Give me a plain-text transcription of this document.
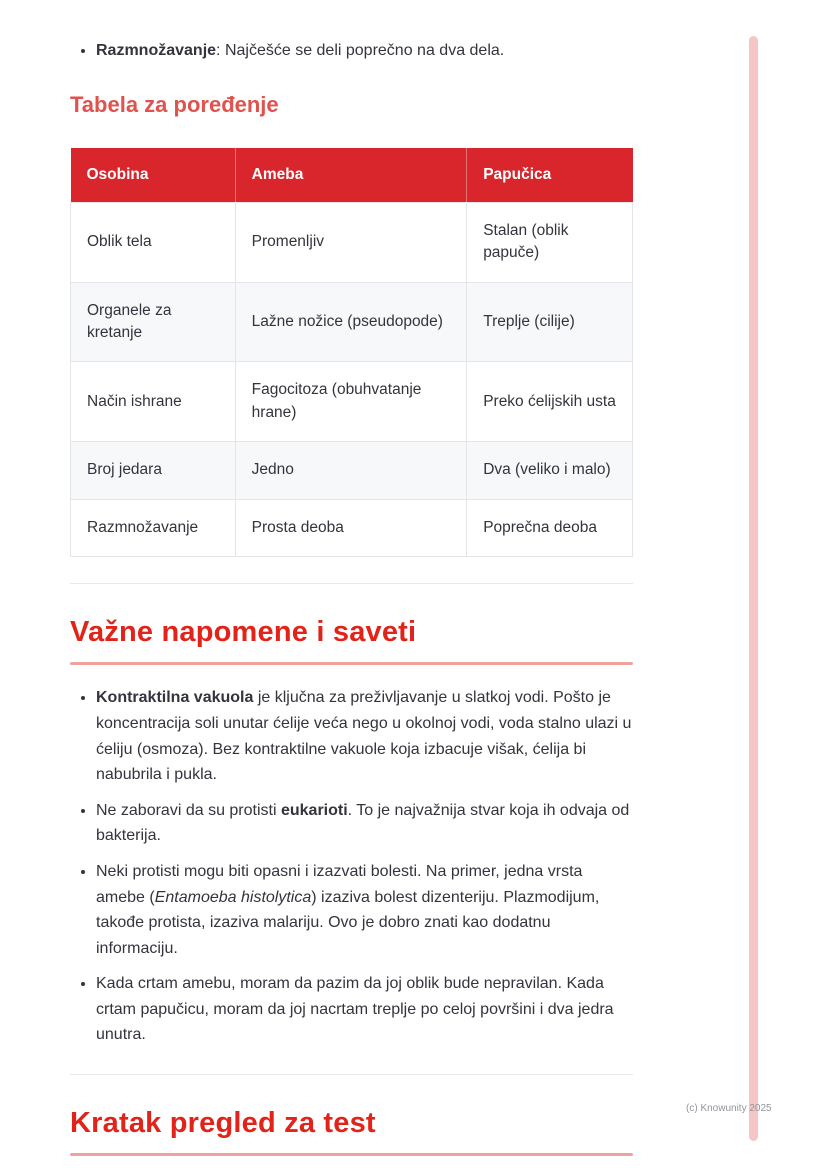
• Razmnožavanje: Najčešće se deli poprečno na dva dela.
Tabela za poređenje
Osobina	Ameba	Papučica
Oblik tela	Promenljiv	Stalan (oblik papuče)
Organele za kretanje	Lažne nožice (pseudopode)	Treplje (cilije)
Način ishrane	Fagocitoza (obuhvatanje hrane)	Preko ćelijskih usta
Broj jedara	Jedno	Dva (veliko i malo)
Razmnožavanje	Prosta deoba	Poprečna deoba
Važne napomene i saveti
• Kontraktilna vakuola je ključna za preživljavanje u slatkoj vodi. Pošto je koncentracija soli unutar ćelije veća nego u okolnoj vodi, voda stalno ulazi u ćeliju (osmoza). Bez kontraktilne vakuole koja izbacuje višak, ćelija bi nabubrila i pukla.
• Ne zaboravi da su protisti eukarioti. To je najvažnija stvar koja ih odvaja od bakterija.
• Neki protisti mogu biti opasni i izazvati bolesti. Na primer, jedna vrsta amebe (Entamoeba histolytica) izaziva bolest dizenteriju. Plazmodijum, takođe protista, izaziva malariju. Ovo je dobro znati kao dodatnu informaciju.
• Kada crtam amebu, moram da pazim da joj oblik bude nepravilan. Kada crtam papučicu, moram da joj nacrtam treplje po celoj površini i dva jedra unutra.
Kratak pregled za test	(c) Knowunity 2025
